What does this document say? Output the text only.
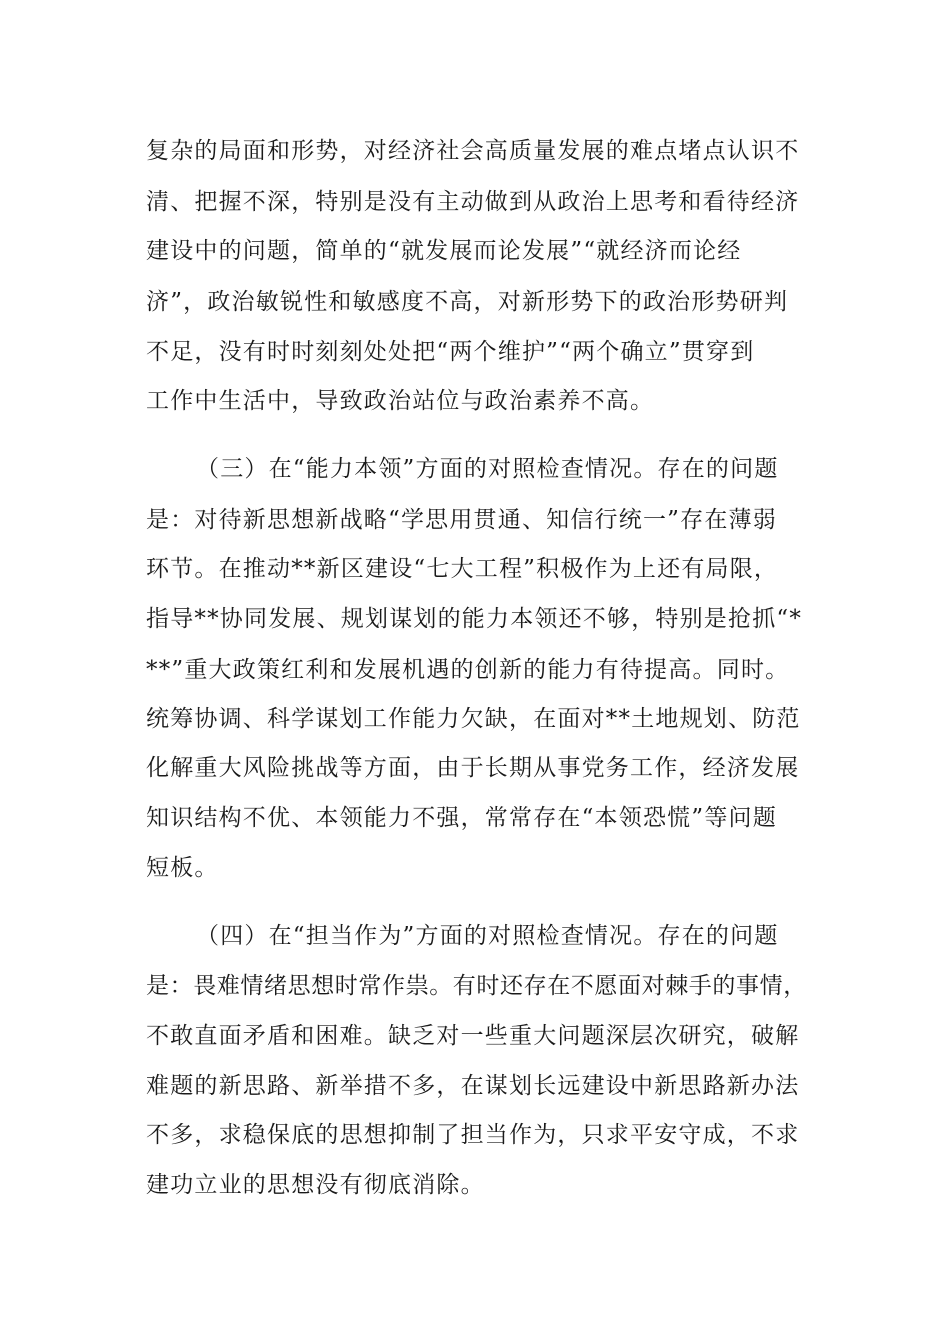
复杂的局面和形势，对经济社会高质量发展的难点堵点认识不

清、把握不深，特别是没有主动做到从政治上思考和看待经济

建设中的问题，简单的“就发展而论发展”“就经济而论经

济”，政治敏锐性和敏感度不高，对新形势下的政治形势研判

不足，没有时时刻刻处处把“两个维护”“两个确立”贯穿到

工作中生活中，导致政治站位与政治素养不高。

（三）在“能力本领”方面的对照检查情况。存在的问题

是：对待新思想新战略“学思用贯通、知信行统一”存在薄弱

环节。在推动**新区建设“七大工程”积极作为上还有局限，

指导**协同发展、规划谋划的能力本领还不够，特别是抢抓“*

**”重大政策红利和发展机遇的创新的能力有待提高。同时。

统筹协调、科学谋划工作能力欠缺，在面对**土地规划、防范

化解重大风险挑战等方面，由于长期从事党务工作，经济发展

知识结构不优、本领能力不强，常常存在“本领恐慌”等问题

短板。

（四）在“担当作为”方面的对照检查情况。存在的问题

是：畏难情绪思想时常作祟。有时还存在不愿面对棘手的事情，

不敢直面矛盾和困难。缺乏对一些重大问题深层次研究，破解

难题的新思路、新举措不多，在谋划长远建设中新思路新办法

不多，求稳保底的思想抑制了担当作为，只求平安守成，不求

建功立业的思想没有彻底消除。
